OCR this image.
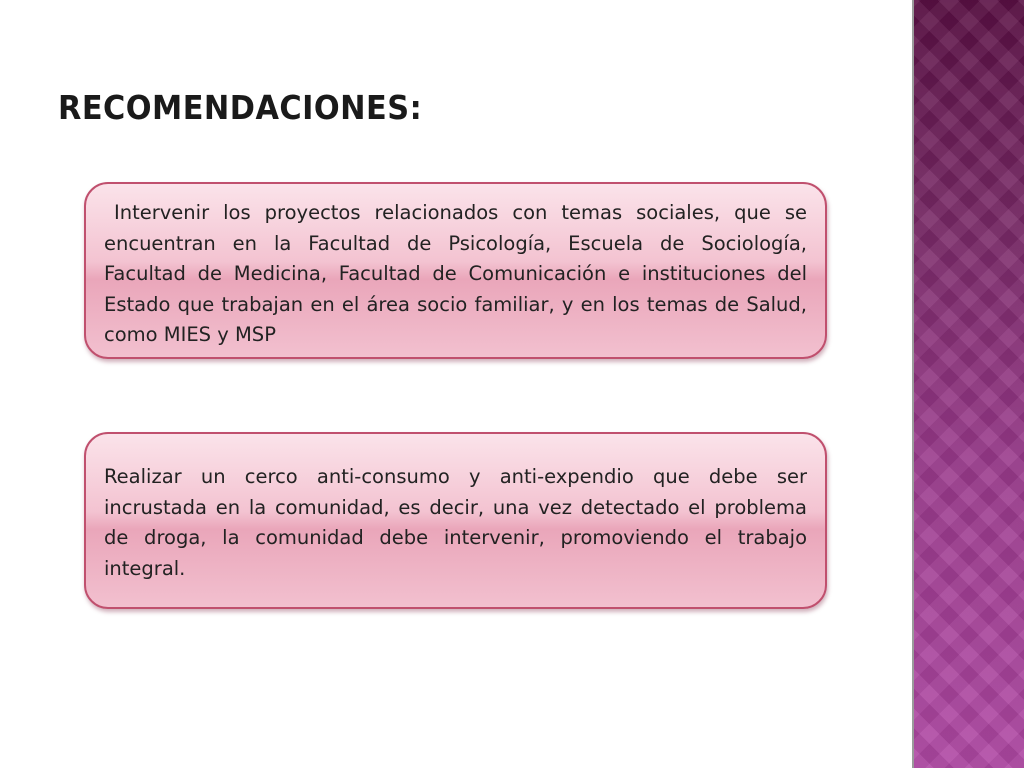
RECOMENDACIONES:

Intervenir los proyectos relacionados con temas sociales, que se encuentran en la Facultad de Psicología, Escuela de Sociología, Facultad de Medicina, Facultad de Comunicación e instituciones del Estado que trabajan en el área socio familiar, y en los temas de Salud, como MIES y MSP

Realizar un cerco anti-consumo y anti-expendio que debe ser incrustada en la comunidad, es decir, una vez detectado el problema de droga, la comunidad debe intervenir, promoviendo el trabajo integral.
